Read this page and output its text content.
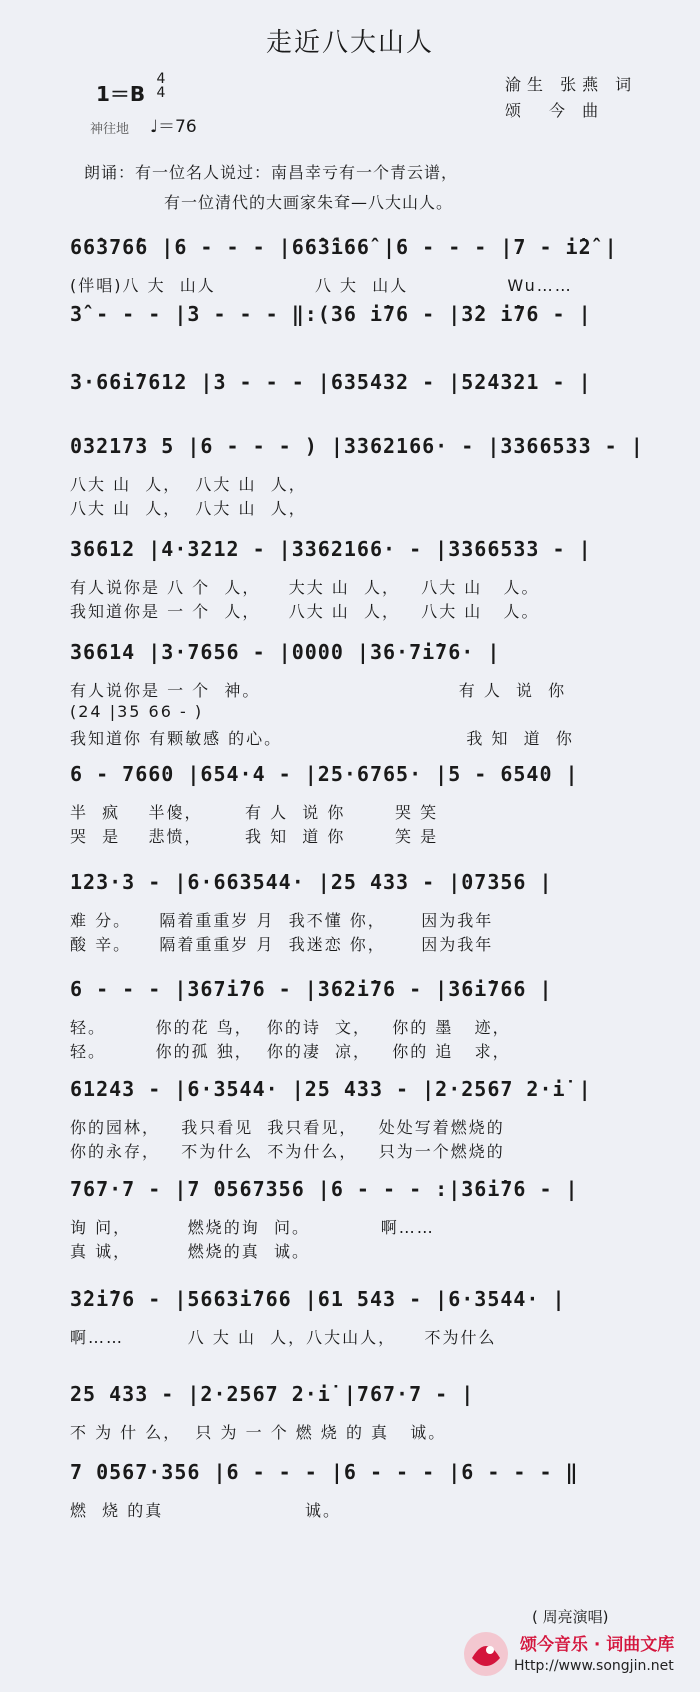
走近八大山人
1＝B
4
4	渝生 张燕 词
颂　今 曲
神往地 ♩＝76
朗诵：有一位名人说过：南昌幸亏有一个青云谱，
有一位清代的大画家朱耷—八大山人。
66̂376̂6 |6 - - - |66̂3̂i66̂ |6 - - - |7 - i̇2̂ |
(伴唱)八 大  山人              八 大  山人              Wu……
3̂ - - - |3 - - - ‖:(36 i̇76 - |3̇2 i̇76 - |
3·66i̇7612 |3 - - - |635432 - |524321 - |
032173 5 |6 - - - ) |3362166· - |3366533 - |
八大 山  人，  八大 山  人，
八大 山  人，  八大 山  人，
36612 |4·3212 - |3362166· - |3366533 - |
有人说你是 八 个  人，    大大 山  人，   八大 山   人。
我知道你是 一 个  人，    八大 山  人，   八大 山   人。
36614 |3·7656 - |0000 |36·7i̇76· |
有人说你是 一 个  神。                            有 人  说  你
(24 |35 66 - )
我知道你 有颗敏感 的心。                          我 知  道  你
6 - 7660 |654·4 - |25·6765· |5 - 6540 |
半  疯    半傻，      有 人  说 你       哭 笑
哭  是    悲愤，      我 知  道 你       笑 是
123·3 - |6·663544· |25 433 - |07356 |
难 分。    隔着重重岁 月  我不懂 你，     因为我年
酸 辛。    隔着重重岁 月  我迷恋 你，     因为我年
6 - - - |367i̇76 - |362i̇76 - |36i̇766 |
轻。       你的花 鸟，  你的诗  文，   你的 墨   迹，
轻。       你的孤 独，  你的凄  凉，   你的 追   求，
61243 - |6·3544· |25 433 - |2·2567 2·i̇ |
你的园林，   我只看见  我只看见，   处处写着燃烧的
你的永存，   不为什么  不为什么，   只为一个燃烧的
767·7 - |7 0567356 |6 - - - :|36i̇76 - |
询 问，        燃烧的询  问。          啊……
真 诚，        燃烧的真  诚。
3̇2i̇76 - |5663i̇766 |61 543 - |6·3544· |
啊……         八 大 山  人，八大山人，    不为什么
25 433 - |2·2567 2·i̇ |767·7 - |
不 为 什 么，  只 为 一 个 燃 烧 的 真   诚。
7 0567·356 |6 - - - |6 - - - |6 - - - ‖
燃  烧 的真                    诚。
( 周亮演唱)
颂今音乐 · 词曲文库
Http://www.songjin.net
